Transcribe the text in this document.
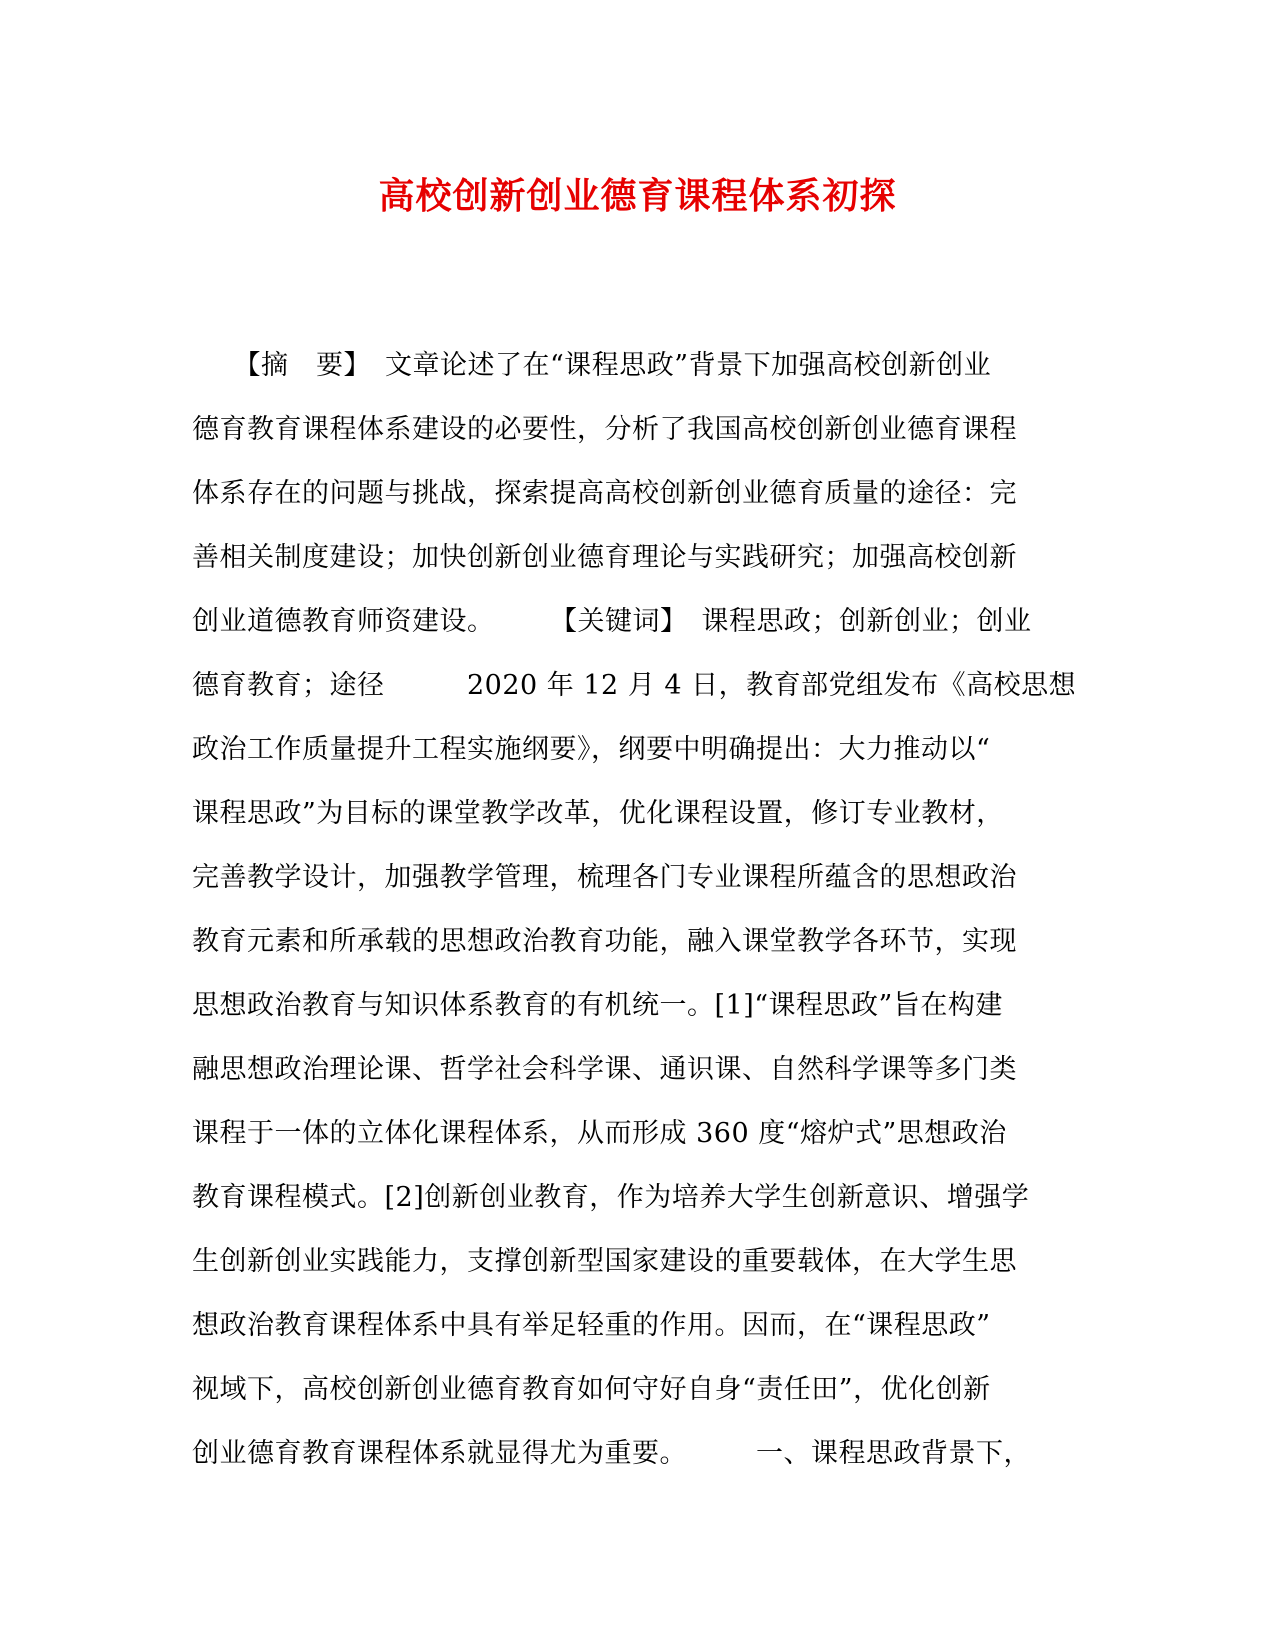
高校创新创业德育课程体系初探
　　【摘　要】　文章论述了在“课程思政”背景下加强高校创新创业
德育教育课程体系建设的必要性，分析了我国高校创新创业德育课程
体系存在的问题与挑战，探索提高高校创新创业德育质量的途径：完
善相关制度建设；加快创新创业德育理论与实践研究；加强高校创新
创业道德教育师资建设。　　　【关键词】　课程思政；创新创业；创业
德育教育；途径　　　2020 年 12 月 4 日，教育部党组发布《高校思想
政治工作质量提升工程实施纲要》，纲要中明确提出：大力推动以“
课程思政”为目标的课堂教学改革，优化课程设置，修订专业教材，
完善教学设计，加强教学管理，梳理各门专业课程所蕴含的思想政治
教育元素和所承载的思想政治教育功能，融入课堂教学各环节，实现
思想政治教育与知识体系教育的有机统一。[1]“课程思政”旨在构建
融思想政治理论课、哲学社会科学课、通识课、自然科学课等多门类
课程于一体的立体化课程体系，从而形成 360 度“熔炉式”思想政治
教育课程模式。[2]创新创业教育，作为培养大学生创新意识、增强学
生创新创业实践能力，支撑创新型国家建设的重要载体，在大学生思
想政治教育课程体系中具有举足轻重的作用。因而，在“课程思政”
视域下，高校创新创业德育教育如何守好自身“责任田”，优化创新
创业德育教育课程体系就显得尤为重要。　　　一、课程思政背景下，
